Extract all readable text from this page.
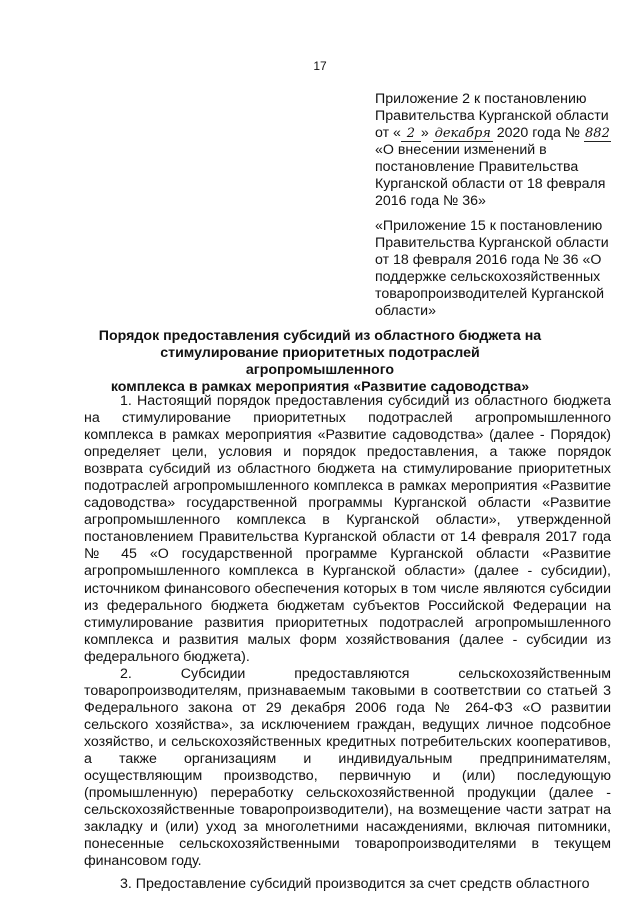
17
Приложение 2 к постановлению
Правительства Курганской области
от « 2 » декабря 2020 года № 882
«О внесении изменений в
постановление Правительства
Курганской области от 18 февраля
2016 года № 36»
«Приложение 15 к постановлению
Правительства Курганской области
от 18 февраля 2016 года № 36 «О
поддержке сельскохозяйственных
товаропроизводителей Курганской
области»
Порядок предоставления субсидий из областного бюджета на
стимулирование приоритетных подотраслей агропромышленного
комплекса в рамках мероприятия «Развитие садоводства»

1. Настоящий порядок предоставления субсидий из областного бюджета на стимулирование приоритетных подотраслей агропромышленного комплекса в рамках мероприятия «Развитие садоводства» (далее - Порядок) определяет цели, условия и порядок предоставления, а также порядок возврата субсидий из областного бюджета на стимулирование приоритетных подотраслей агропромышленного комплекса в рамках мероприятия «Развитие садоводства» государственной программы Курганской области «Развитие агропромышленного комплекса в Курганской области», утвержденной постановлением Правительства Курганской области от 14 февраля 2017 года № 45 «О государственной программе Курганской области «Развитие агропромышленного комплекса в Курганской области» (далее - субсидии), источником финансового обеспечения которых в том числе являются субсидии из федерального бюджета бюджетам субъектов Российской Федерации на стимулирование развития приоритетных подотраслей агропромышленного комплекса и развития малых форм хозяйствования (далее - субсидии из федерального бюджета).

2. Субсидии предоставляются сельскохозяйственным товаропроизводителям, признаваемым таковыми в соответствии со статьей 3 Федерального закона от 29 декабря 2006 года № 264-ФЗ «О развитии сельского хозяйства», за исключением граждан, ведущих личное подсобное хозяйство, и сельскохозяйственных кредитных потребительских кооперативов, а также организациям и индивидуальным предпринимателям, осуществляющим производство, первичную и (или) последующую (промышленную) переработку сельскохозяйственной продукции (далее - сельскохозяйственные товаропроизводители), на возмещение части затрат на закладку и (или) уход за многолетними насаждениями, включая питомники, понесенные сельскохозяйственными товаропроизводителями в текущем финансовом году.

3. Предоставление субсидий производится за счет средств областного
